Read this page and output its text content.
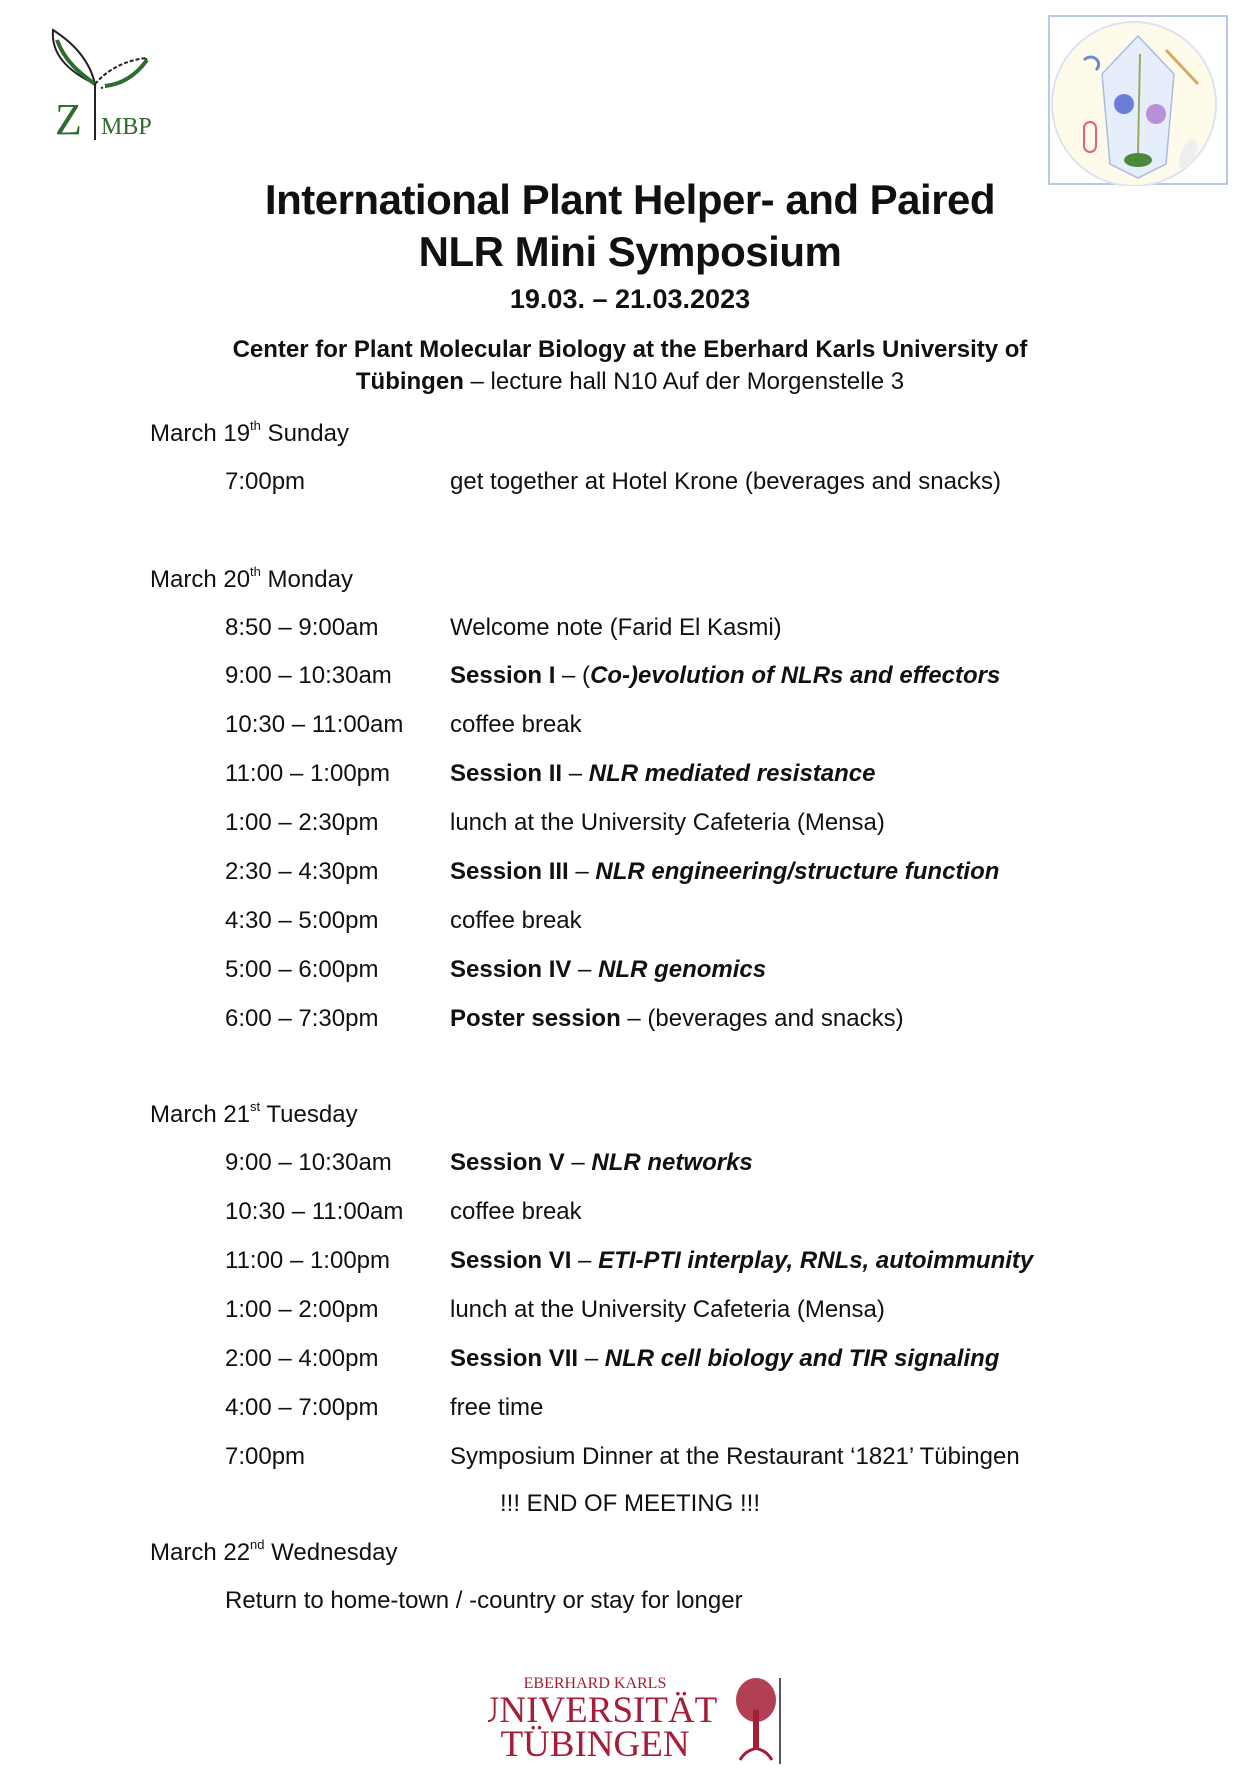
Z MBP
International Plant Helper- and Paired
NLR Mini Symposium
19.03. – 21.03.2023
Center for Plant Molecular Biology at the Eberhard Karls University of
Tübingen – lecture hall N10 Auf der Morgenstelle 3
March 19th Sunday
7:00pm	get together at Hotel Krone (beverages and snacks)
March 20th Monday
8:50 – 9:00am	Welcome note (Farid El Kasmi)
9:00 – 10:30am Session I – (Co-)evolution of NLRs and effectors
10:30 – 11:00am coffee break
11:00 – 1:00pm Session II – NLR mediated resistance
1:00 – 2:30pm	lunch at the University Cafeteria (Mensa)
2:30 – 4:30pm	Session III – NLR engineering/structure function
4:30 – 5:00pm	coffee break
5:00 – 6:00pm	Session IV – NLR genomics
6:00 – 7:30pm	Poster session – (beverages and snacks)
March 21st Tuesday
9:00 – 10:30am Session V – NLR networks
10:30 – 11:00am coffee break
11:00 – 1:00pm Session VI – ETI-PTI interplay, RNLs, autoimmunity
1:00 – 2:00pm	lunch at the University Cafeteria (Mensa)
2:00 – 4:00pm	Session VII – NLR cell biology and TIR signaling
4:00 – 7:00pm	free time
7:00pm	Symposium Dinner at the Restaurant ‘1821’ Tübingen
!!! END OF MEETING !!!
March 22nd Wednesday
Return to home-town / -country or stay for longer
EBERHARD KARLS
UNIVERSITÄT
TÜBINGEN
